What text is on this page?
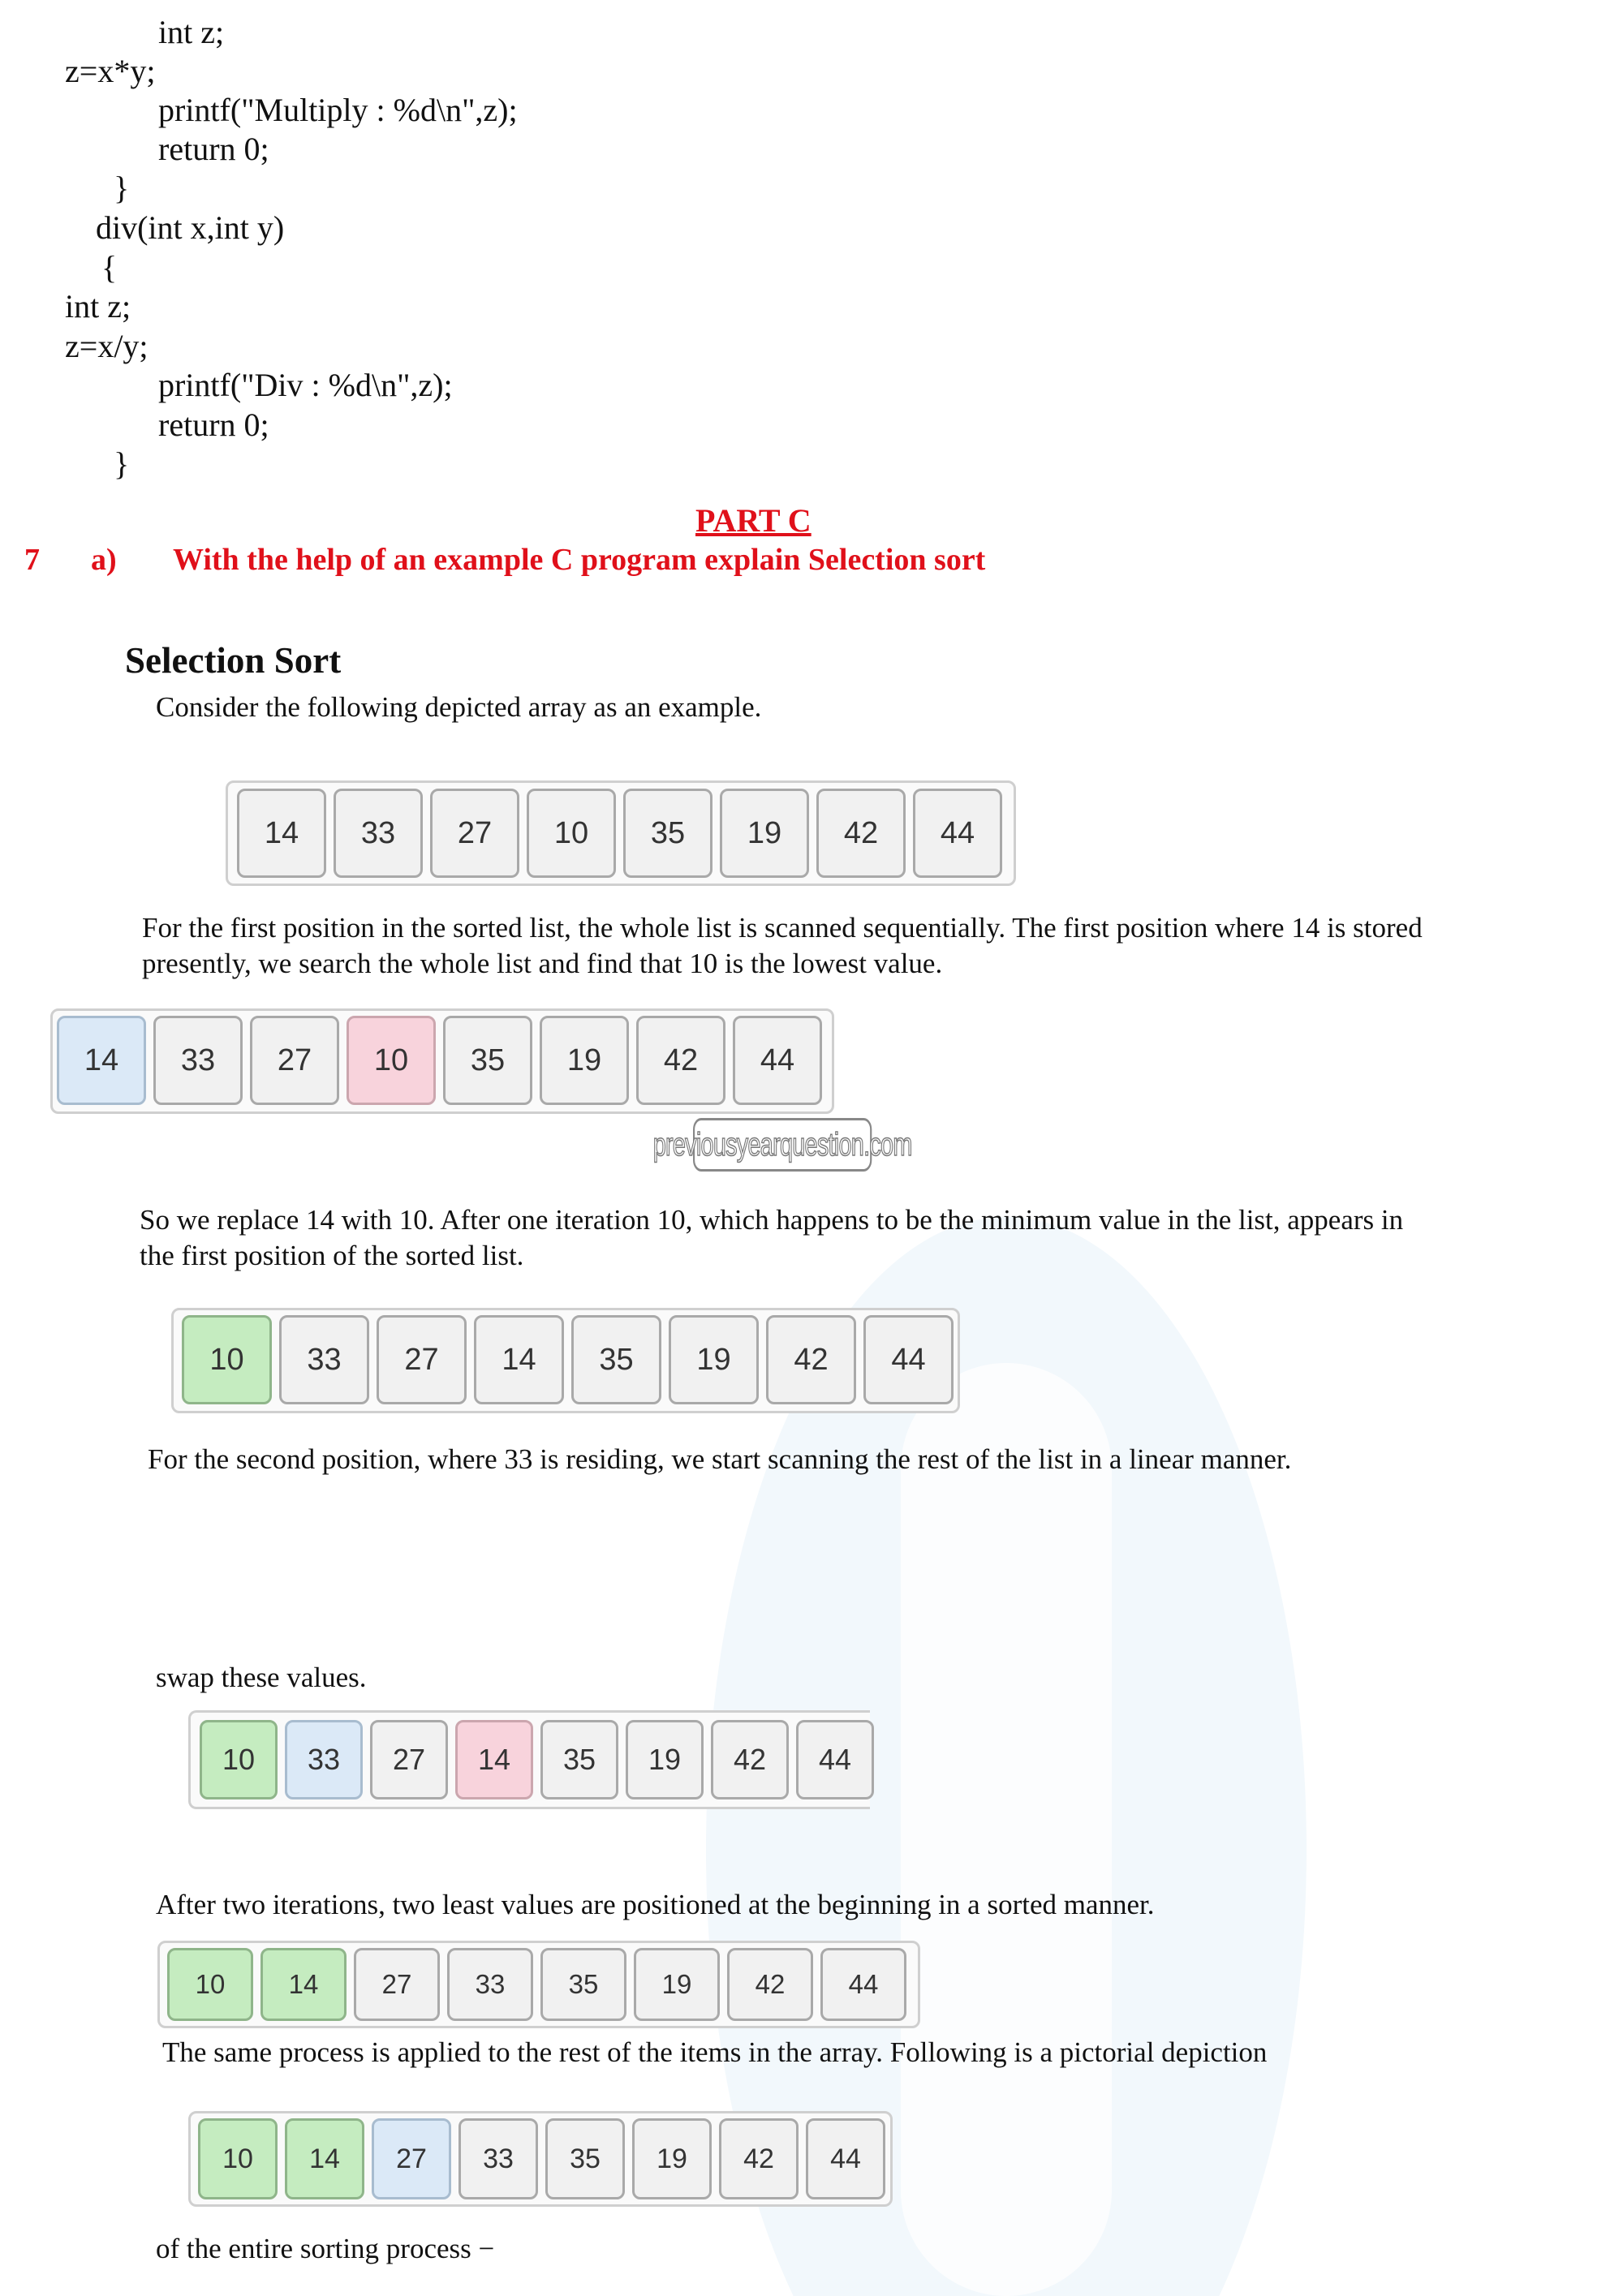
int z;
z=x*y;
printf("Multiply : %d\n",z);
return 0;
}
div(int x,int y)
{
int z;
z=x/y;
printf("Div : %d\n",z);
return 0;
}
PART C
7 a) With the help of an example C program explain Selection sort
Selection Sort
Consider the following depicted array as an example.
For the first position in the sorted list, the whole list is scanned sequentially. The first position where 14 is stored presently, we search the whole list and find that 10 is the lowest value.
So we replace 14 with 10. After one iteration 10, which happens to be the minimum value in the list, appears in the first position of the sorted list.
For the second position, where 33 is residing, we start scanning the rest of the list in a linear manner.
swap these values.
After two iterations, two least values are positioned at the beginning in a sorted manner.
The same process is applied to the rest of the items in the array. Following is a pictorial depiction
of the entire sorting process −
previousyearquestion.com
14	33	27	10	35	19	42	44
14	33	27	10	35	19	42	44
10	33	27	14	35	19	42	44
10	33	27	14	35	19	42	44
10	14	27	33	35	19	42	44
10	14	27	33	35	19	42	44
